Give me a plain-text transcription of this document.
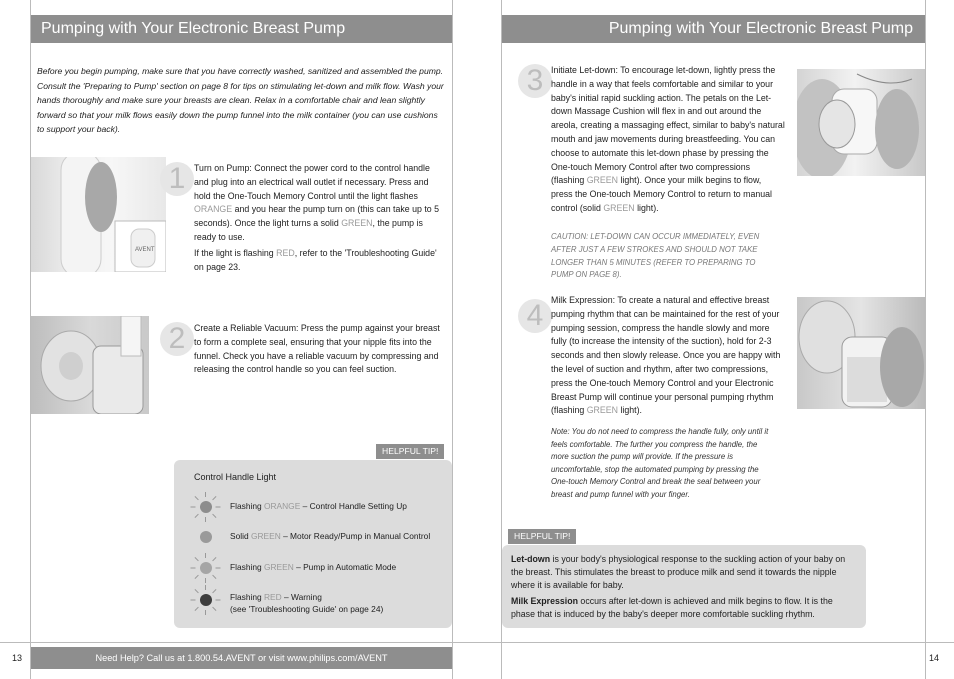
Pumping with Your Electronic Breast Pump
Before you begin pumping, make sure that you have correctly washed, sanitized and assembled the pump. Consult the 'Preparing to Pump' section on page 8 for tips on stimulating let-down and milk flow. Wash your hands thoroughly and make sure your breasts are clean. Relax in a comfortable chair and lean slightly forward so that your milk flows easily down the pump funnel into the milk container (you can use cushions to support your back).
AVENT
1 Turn on Pump: Connect the power cord to the control handle and plug into an electrical wall outlet if necessary. Press and hold the One-Touch Memory Control until the light flashes ORANGE and you hear the pump turn on (this can take up to 5 seconds). Once the light turns a solid GREEN, the pump is ready to use.
If the light is flashing RED, refer to the 'Troubleshooting Guide' on page 23.
2 Create a Reliable Vacuum: Press the pump against your breast to form a complete seal, ensuring that your nipple fits into the funnel. Check you have a reliable vacuum by compressing and releasing the control handle so you can feel suction.
HELPFUL TIP!
Control Handle Light
Flashing ORANGE – Control Handle Setting Up
Solid GREEN – Motor Ready/Pump in Manual Control
Flashing GREEN – Pump in Automatic Mode
Flashing RED – Warning
(see 'Troubleshooting Guide' on page 24)
13	Need Help? Call us at 1.800.54.AVENT or visit www.philips.com/AVENT
Pumping with Your Electronic Breast Pump
3 Initiate Let-down: To encourage let-down, lightly press the handle in a way that feels comfortable and similar to your baby's initial rapid suckling action. The petals on the Let-down Massage Cushion will flex in and out around the areola, creating a massaging effect, similar to baby's natural mouth and jaw movements during breastfeeding. You can choose to automate this let-down phase by pressing the One-touch Memory Control after two compressions (flashing GREEN light). Once your milk begins to flow, press the One-touch Memory Control to return to manual control (solid GREEN light).
CAUTION: LET-DOWN CAN OCCUR IMMEDIATELY, EVEN AFTER JUST A FEW STROKES AND SHOULD NOT TAKE LONGER THAN 5 MINUTES (REFER TO PREPARING TO PUMP ON PAGE 8).
4 Milk Expression: To create a natural and effective breast pumping rhythm that can be maintained for the rest of your pumping session, compress the handle slowly and more fully (to increase the intensity of the suction), hold for 2-3 seconds and then slowly release. Once you are happy with the level of suction and rhythm, after two compressions, press the One-touch Memory Control and your Electronic Breast Pump will continue your personal pumping rhythm (flashing GREEN light).
Note: You do not need to compress the handle fully, only until it feels comfortable. The further you compress the handle, the more suction the pump will provide. If the pressure is uncomfortable, stop the automated pumping by pressing the One-touch Memory Control and break the seal between your breast and pump funnel with your finger.
HELPFUL TIP!
Let-down is your body's physiological response to the suckling action of your baby on the breast. This stimulates the breast to produce milk and send it towards the nipple where it is available for baby.
Milk Expression occurs after let-down is achieved and milk begins to flow. It is the phase that is induced by the baby's deeper more comfortable suckling rhythm.
14
